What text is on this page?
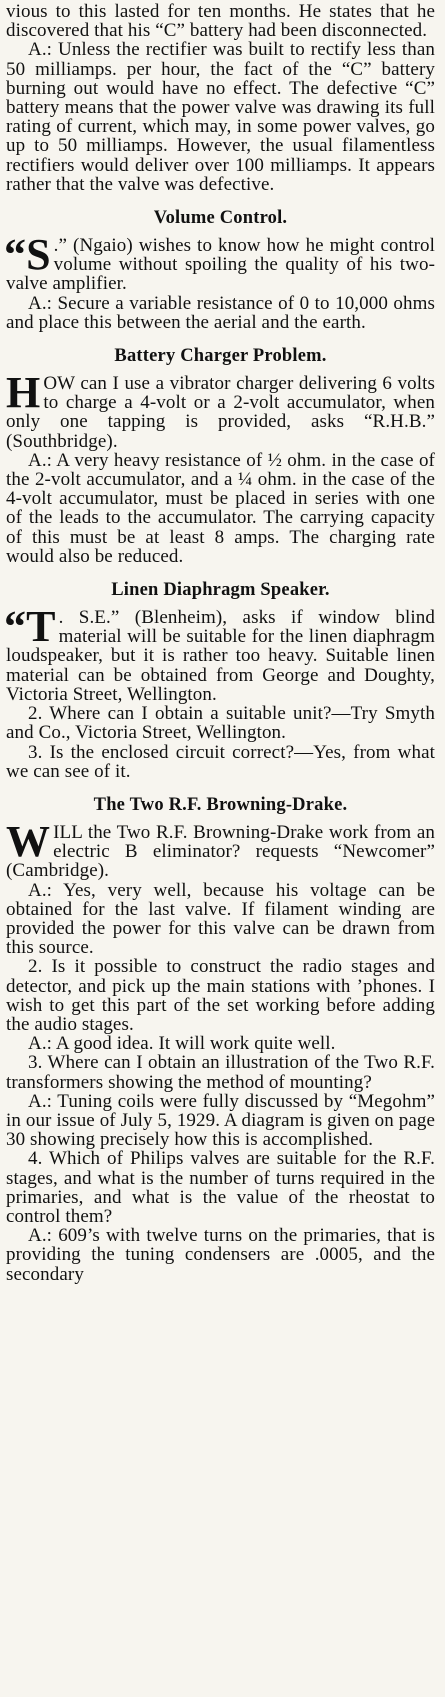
vious to this lasted for ten months. He states that he discovered that his “C” battery had been disconnected.

A.: Unless the rectifier was built to rectify less than 50 milliamps. per hour, the fact of the “C” battery burning out would have no effect. The defective “C” battery means that the power valve was drawing its full rating of current, which may, in some power valves, go up to 50 milliamps. However, the usual filamentless rectifiers would deliver over 100 milliamps. It appears rather that the valve was defective.

Volume Control.

“S .” (Ngaio) wishes to know how he might control volume without spoiling the quality of his two-valve amplifier.

A.: Secure a variable resistance of 0 to 10,000 ohms and place this between the aerial and the earth.

Battery Charger Problem.

HOW can I use a vibrator charger delivering 6 volts to charge a 4-volt or a 2-volt accumulator, when only one tapping is provided, asks “R.H.B.” (Southbridge).

A.: A very heavy resistance of ½ ohm. in the case of the 2-volt accumulator, and a ¼ ohm. in the case of the 4-volt accumulator, must be placed in series with one of the leads to the accumulator. The carrying capacity of this must be at least 8 amps. The charging rate would also be reduced.

Linen Diaphragm Speaker.

“T . S.E.” (Blenheim), asks if window blind material will be suitable for the linen diaphragm loudspeaker, but it is rather too heavy. Suitable linen material can be obtained from George and Doughty, Victoria Street, Wellington.

2. Where can I obtain a suitable unit?—Try Smyth and Co., Victoria Street, Wellington.

3. Is the enclosed circuit correct?—Yes, from what we can see of it.

The Two R.F. Browning-Drake.

WILL the Two R.F. Browning-Drake work from an electric B eliminator? requests “Newcomer” (Cambridge).

A.: Yes, very well, because his voltage can be obtained for the last valve. If filament winding are provided the power for this valve can be drawn from this source.

2. Is it possible to construct the radio stages and detector, and pick up the main stations with ’phones. I wish to get this part of the set working before adding the audio stages.

A.: A good idea. It will work quite well.

3. Where can I obtain an illustration of the Two R.F. transformers showing the method of mounting?

A.: Tuning coils were fully discussed by “Megohm” in our issue of July 5, 1929. A diagram is given on page 30 showing precisely how this is accomplished.

4. Which of Philips valves are suitable for the R.F. stages, and what is the number of turns required in the primaries, and what is the value of the rheostat to control them?

A.: 609’s with twelve turns on the primaries, that is providing the tuning condensers are .0005, and the secondary
